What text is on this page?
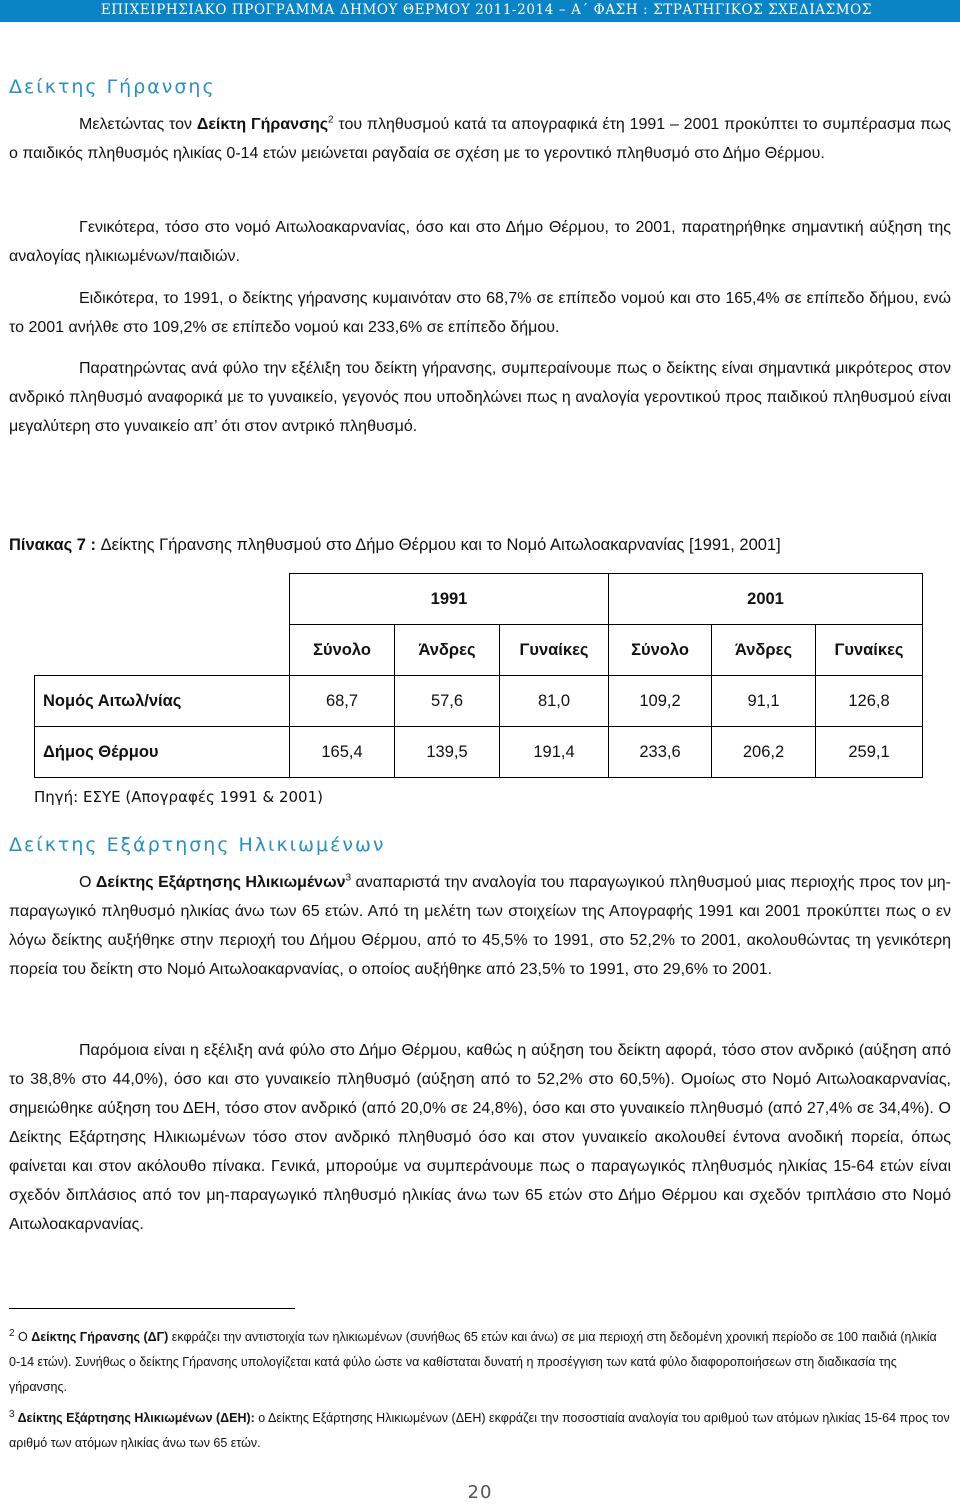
ΕΠΙΧΕΙΡΗΣΙΑΚΟ ΠΡΟΓΡΑΜΜΑ ΔΗΜΟΥ ΘΕΡΜΟΥ 2011-2014 – Α΄ ΦΑΣΗ : ΣΤΡΑΤΗΓΙΚΟΣ ΣΧΕΔΙΑΣΜΟΣ
Δείκτης Γήρανσης
Μελετώντας τον Δείκτη Γήρανσης$^2$ του πληθυσμού κατά τα απογραφικά έτη 1991 – 2001 προκύπτει το συμπέρασμα πως ο παιδικός πληθυσμός ηλικίας 0-14 ετών μειώνεται ραγδαία σε σχέση με το γεροντικό πληθυσμό στο Δήμο Θέρμου.
Γενικότερα, τόσο στο νομό Αιτωλοακαρνανίας, όσο και στο Δήμο Θέρμου, το 2001, παρατηρήθηκε σημαντική αύξηση της αναλογίας ηλικιωμένων/παιδιών.
Ειδικότερα, το 1991, ο δείκτης γήρανσης κυμαινόταν στο 68,7% σε επίπεδο νομού και στο 165,4% σε επίπεδο δήμου, ενώ το 2001 ανήλθε στο 109,2% σε επίπεδο νομού και 233,6% σε επίπεδο δήμου.
Παρατηρώντας ανά φύλο την εξέλιξη του δείκτη γήρανσης, συμπεραίνουμε πως ο δείκτης είναι σημαντικά μικρότερος στον ανδρικό πληθυσμό αναφορικά με το γυναικείο, γεγονός που υποδηλώνει πως η αναλογία γεροντικού προς παιδικού πληθυσμού είναι μεγαλύτερη στο γυναικείο απ’ ότι στον αντρικό πληθυσμό.
Πίνακας 7 : Δείκτης Γήρανσης πληθυσμού στο Δήμο Θέρμου και το Νομό Αιτωλοακαρνανίας [1991, 2001]
	1991			2001		
	Σύνολο	Άνδρες	Γυναίκες	Σύνολο	Άνδρες	Γυναίκες
Νομός Αιτωλ/νίας	68,7	57,6	81,0	109,2	91,1	126,8
Δήμος Θέρμου	165,4	139,5	191,4	233,6	206,2	259,1
Πηγή: ΕΣΥΕ (Απογραφές 1991 & 2001)
Δείκτης Εξάρτησης Ηλικιωμένων
Ο Δείκτης Εξάρτησης Ηλικιωμένων$^3$ αναπαριστά την αναλογία του παραγωγικού πληθυσμού μιας περιοχής προς τον μη-παραγωγικό πληθυσμό ηλικίας άνω των 65 ετών. Από τη μελέτη των στοιχείων της Απογραφής 1991 και 2001 προκύπτει πως ο εν λόγω δείκτης αυξήθηκε στην περιοχή του Δήμου Θέρμου, από το 45,5% το 1991, στο 52,2% το 2001, ακολουθώντας τη γενικότερη πορεία του δείκτη στο Νομό Αιτωλοακαρνανίας, ο οποίος αυξήθηκε από 23,5% το 1991, στο 29,6% το 2001.
Παρόμοια είναι η εξέλιξη ανά φύλο στο Δήμο Θέρμου, καθώς η αύξηση του δείκτη αφορά, τόσο στον ανδρικό (αύξηση από το 38,8% στο 44,0%), όσο και στο γυναικείο πληθυσμό (αύξηση από το 52,2% στο 60,5%). Ομοίως στο Νομό Αιτωλοακαρνανίας, σημειώθηκε αύξηση του ΔΕΗ, τόσο στον ανδρικό (από 20,0% σε 24,8%), όσο και στο γυναικείο πληθυσμό (από 27,4% σε 34,4%). Ο Δείκτης Εξάρτησης Ηλικιωμένων τόσο στον ανδρικό πληθυσμό όσο και στον γυναικείο ακολουθεί έντονα ανοδική πορεία, όπως φαίνεται και στον ακόλουθο πίνακα. Γενικά, μπορούμε να συμπεράνουμε πως ο παραγωγικός πληθυσμός ηλικίας 15-64 ετών είναι σχεδόν διπλάσιος από τον μη-παραγωγικό πληθυσμό ηλικίας άνω των 65 ετών στο Δήμο Θέρμου και σχεδόν τριπλάσιο στο Νομό Αιτωλοακαρνανίας.
$^2$ Ο Δείκτης Γήρανσης (ΔΓ) εκφράζει την αντιστοιχία των ηλικιωμένων (συνήθως 65 ετών και άνω) σε μια περιοχή στη δεδομένη χρονική περίοδο σε 100 παιδιά (ηλικία 0-14 ετών). Συνήθως ο δείκτης Γήρανσης υπολογίζεται κατά φύλο ώστε να καθίσταται δυνατή η προσέγγιση των κατά φύλο διαφοροποιήσεων στη διαδικασία της γήρανσης.
$^3$ Δείκτης Εξάρτησης Ηλικιωμένων (ΔΕΗ): ο Δείκτης Εξάρτησης Ηλικιωμένων (ΔΕΗ) εκφράζει την ποσοστιαία αναλογία του αριθμού των ατόμων ηλικίας 15-64 προς τον αριθμό των ατόμων ηλικίας άνω των 65 ετών.
20
